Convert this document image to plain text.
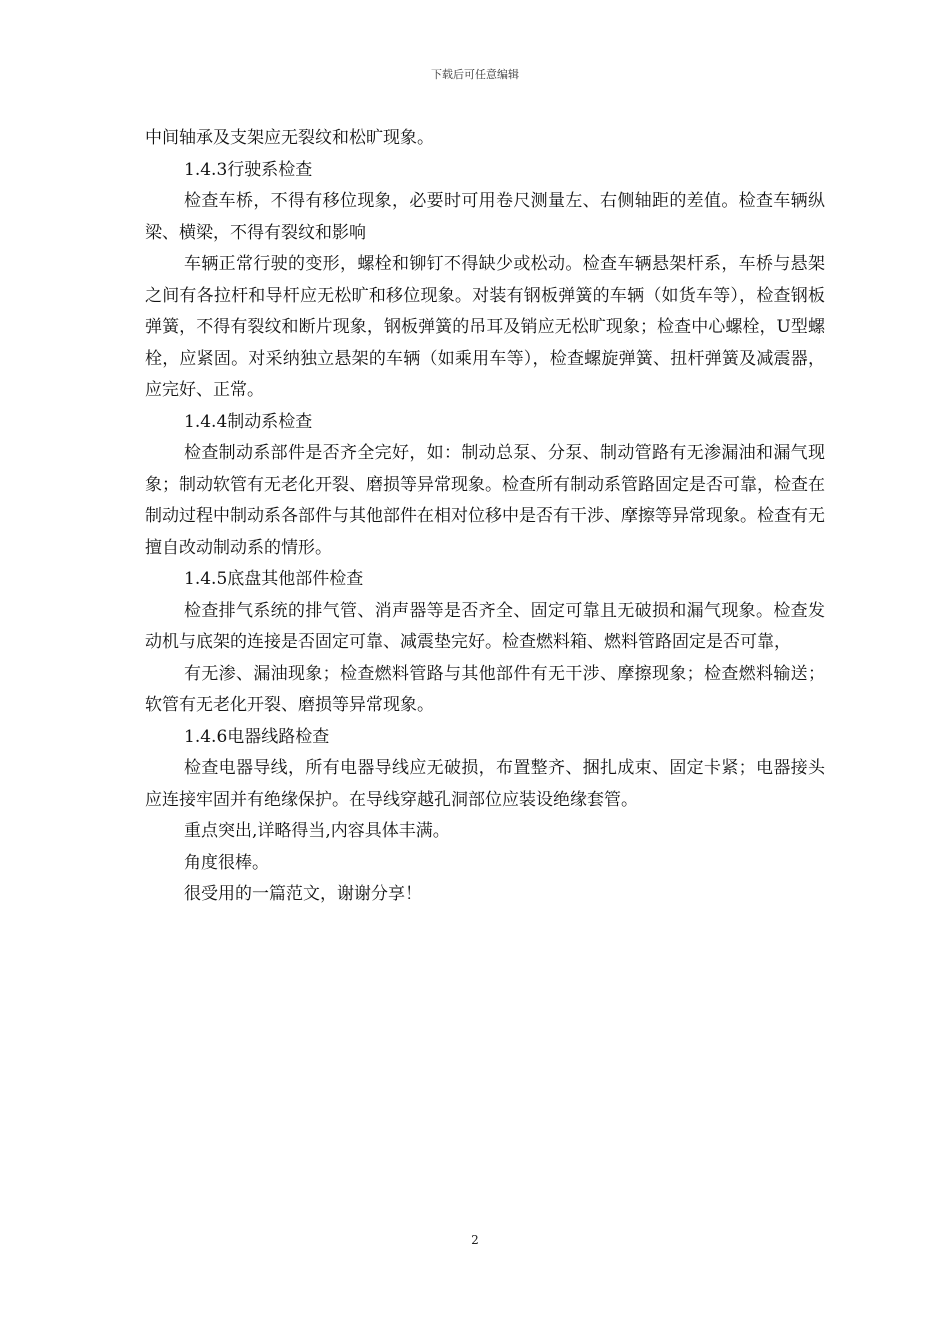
下载后可任意编辑

中间轴承及支架应无裂纹和松旷现象。

1.4.3行驶系检查

检查车桥，不得有移位现象，必要时可用卷尺测量左、右侧轴距的差值。检查车辆纵梁、横梁，不得有裂纹和影响

车辆正常行驶的变形，螺栓和铆钉不得缺少或松动。检查车辆悬架杆系，车桥与悬架之间有各拉杆和导杆应无松旷和移位现象。对装有钢板弹簧的车辆（如货车等），检查钢板弹簧，不得有裂纹和断片现象，钢板弹簧的吊耳及销应无松旷现象；检查中心螺栓，U型螺栓，应紧固。对采纳独立悬架的车辆（如乘用车等），检查螺旋弹簧、扭杆弹簧及减震器，应完好、正常。

1.4.4制动系检查

检查制动系部件是否齐全完好，如：制动总泵、分泵、制动管路有无渗漏油和漏气现象；制动软管有无老化开裂、磨损等异常现象。检查所有制动系管路固定是否可靠，检查在制动过程中制动系各部件与其他部件在相对位移中是否有干涉、摩擦等异常现象。检查有无擅自改动制动系的情形。

1.4.5底盘其他部件检查

检查排气系统的排气管、消声器等是否齐全、固定可靠且无破损和漏气现象。检查发动机与底架的连接是否固定可靠、减震垫完好。检查燃料箱、燃料管路固定是否可靠，

有无渗、漏油现象；检查燃料管路与其他部件有无干涉、摩擦现象；检查燃料输送；软管有无老化开裂、磨损等异常现象。

1.4.6电器线路检查

检查电器导线，所有电器导线应无破损，布置整齐、捆扎成束、固定卡紧；电器接头应连接牢固并有绝缘保护。在导线穿越孔洞部位应装设绝缘套管。

重点突出,详略得当,内容具体丰满。

角度很棒。

很受用的一篇范文，谢谢分享！

2
